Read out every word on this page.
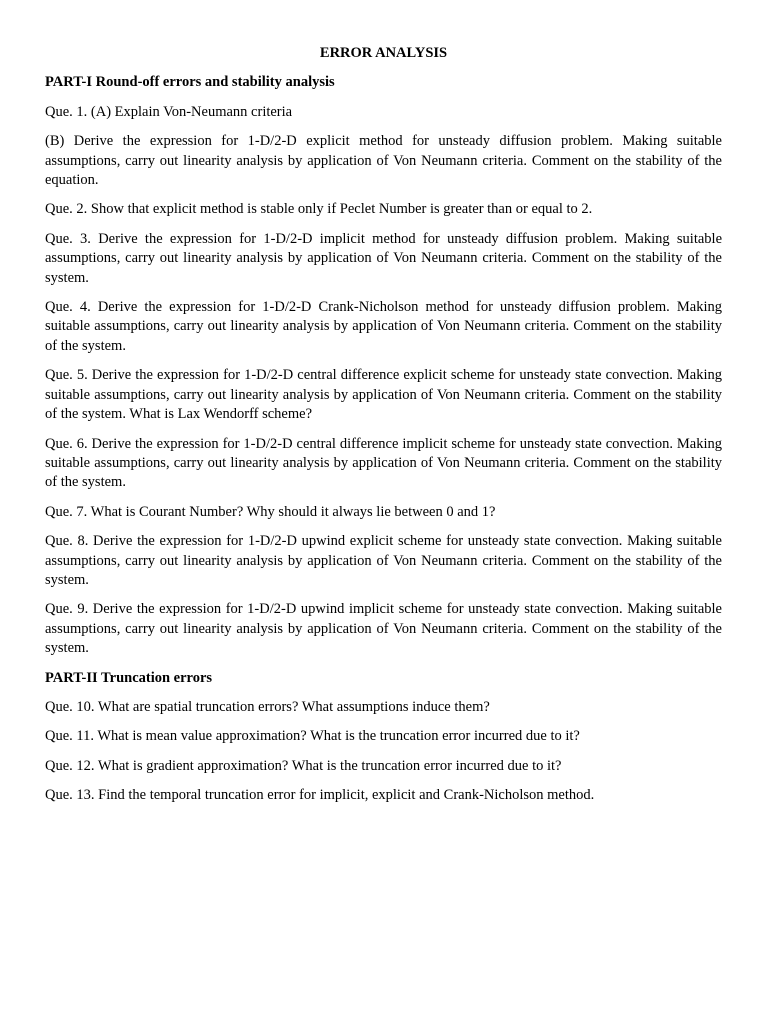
ERROR ANALYSIS
PART-I Round-off errors and stability analysis
Que. 1. (A) Explain Von-Neumann criteria
(B) Derive the expression for 1-D/2-D explicit method for unsteady diffusion problem. Making suitable assumptions, carry out linearity analysis by application of Von Neumann criteria. Comment on the stability of the equation.
Que. 2. Show that explicit method is stable only if Peclet Number is greater than or equal to 2.
Que. 3. Derive the expression for 1-D/2-D implicit method for unsteady diffusion problem. Making suitable assumptions, carry out linearity analysis by application of Von Neumann criteria. Comment on the stability of the system.
Que. 4. Derive the expression for 1-D/2-D Crank-Nicholson method for unsteady diffusion problem. Making suitable assumptions, carry out linearity analysis by application of Von Neumann criteria. Comment on the stability of the system.
Que. 5. Derive the expression for 1-D/2-D central difference explicit scheme for unsteady state convection. Making suitable assumptions, carry out linearity analysis by application of Von Neumann criteria. Comment on the stability of the system. What is Lax Wendorff scheme?
Que. 6. Derive the expression for 1-D/2-D central difference implicit scheme for unsteady state convection. Making suitable assumptions, carry out linearity analysis by application of Von Neumann criteria. Comment on the stability of the system.
Que. 7. What is Courant Number? Why should it always lie between 0 and 1?
Que. 8. Derive the expression for 1-D/2-D upwind explicit scheme for unsteady state convection. Making suitable assumptions, carry out linearity analysis by application of Von Neumann criteria. Comment on the stability of the system.
Que. 9. Derive the expression for 1-D/2-D upwind implicit scheme for unsteady state convection. Making suitable assumptions, carry out linearity analysis by application of Von Neumann criteria. Comment on the stability of the system.
PART-II Truncation errors
Que. 10. What are spatial truncation errors? What assumptions induce them?
Que. 11. What is mean value approximation? What is the truncation error incurred due to it?
Que. 12. What is gradient approximation? What is the truncation error incurred due to it?
Que. 13. Find the temporal truncation error for implicit, explicit and Crank-Nicholson method.
